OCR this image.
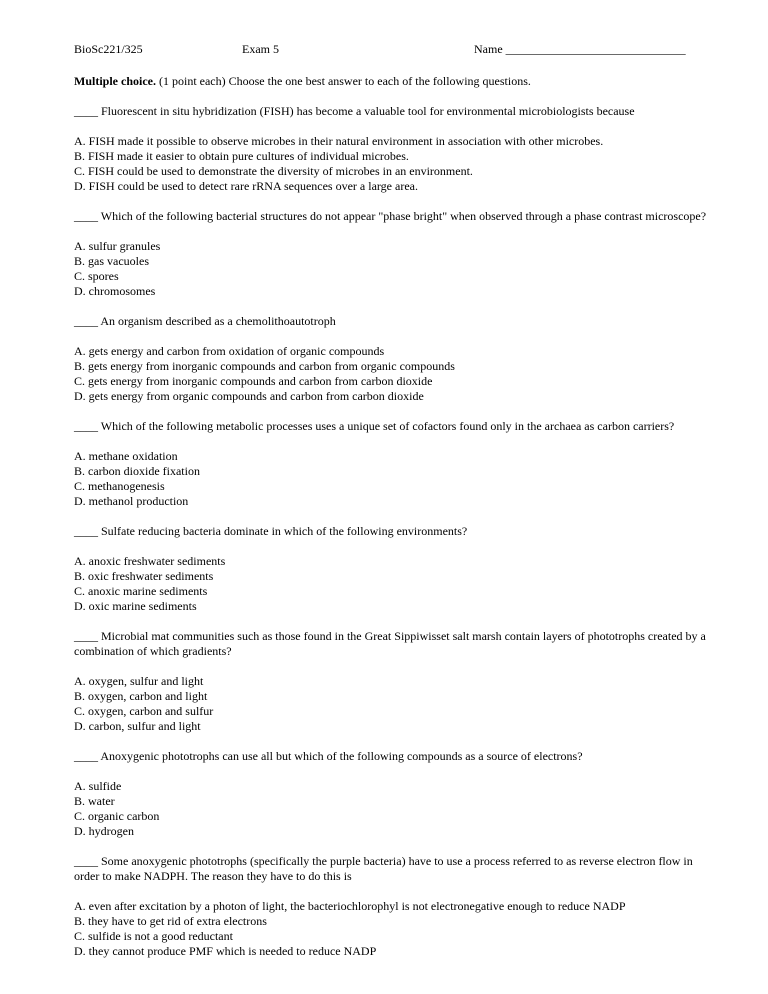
BioSc221/325	Exam 5	Name ______________________________
Multiple choice. (1 point each) Choose the one best answer to each of the following questions.

____ Fluorescent in situ hybridization (FISH) has become a valuable tool for environmental microbiologists because

A. FISH made it possible to observe microbes in their natural environment in association with other microbes.
B. FISH made it easier to obtain pure cultures of individual microbes.
C. FISH could be used to demonstrate the diversity of microbes in an environment.
D. FISH could be used to detect rare rRNA sequences over a large area.

____ Which of the following bacterial structures do not appear "phase bright" when observed through a phase contrast microscope?

A. sulfur granules
B. gas vacuoles
C. spores
D. chromosomes

____ An organism described as a chemolithoautotroph

A. gets energy and carbon from oxidation of organic compounds
B. gets energy from inorganic compounds and carbon from organic compounds
C. gets energy from inorganic compounds and carbon from carbon dioxide
D. gets energy from organic compounds and carbon from carbon dioxide

____ Which of the following metabolic processes uses a unique set of cofactors found only in the archaea as carbon carriers?

A. methane oxidation
B. carbon dioxide fixation
C. methanogenesis
D. methanol production

____ Sulfate reducing bacteria dominate in which of the following environments?

A. anoxic freshwater sediments
B. oxic freshwater sediments
C. anoxic marine sediments
D. oxic marine sediments

____ Microbial mat communities such as those found in the Great Sippiwisset salt marsh contain layers of phototrophs created by a combination of which gradients?

A. oxygen, sulfur and light
B. oxygen, carbon and light
C. oxygen, carbon and sulfur
D. carbon, sulfur and light

____ Anoxygenic phototrophs can use all but which of the following compounds as a source of electrons?

A. sulfide
B. water
C. organic carbon
D. hydrogen

____ Some anoxygenic phototrophs (specifically the purple bacteria) have to use a process referred to as reverse electron flow in order to make NADPH. The reason they have to do this is

A. even after excitation by a photon of light, the bacteriochlorophyl is not electronegative enough to reduce NADP
B. they have to get rid of extra electrons
C. sulfide is not a good reductant
D. they cannot produce PMF which is needed to reduce NADP
